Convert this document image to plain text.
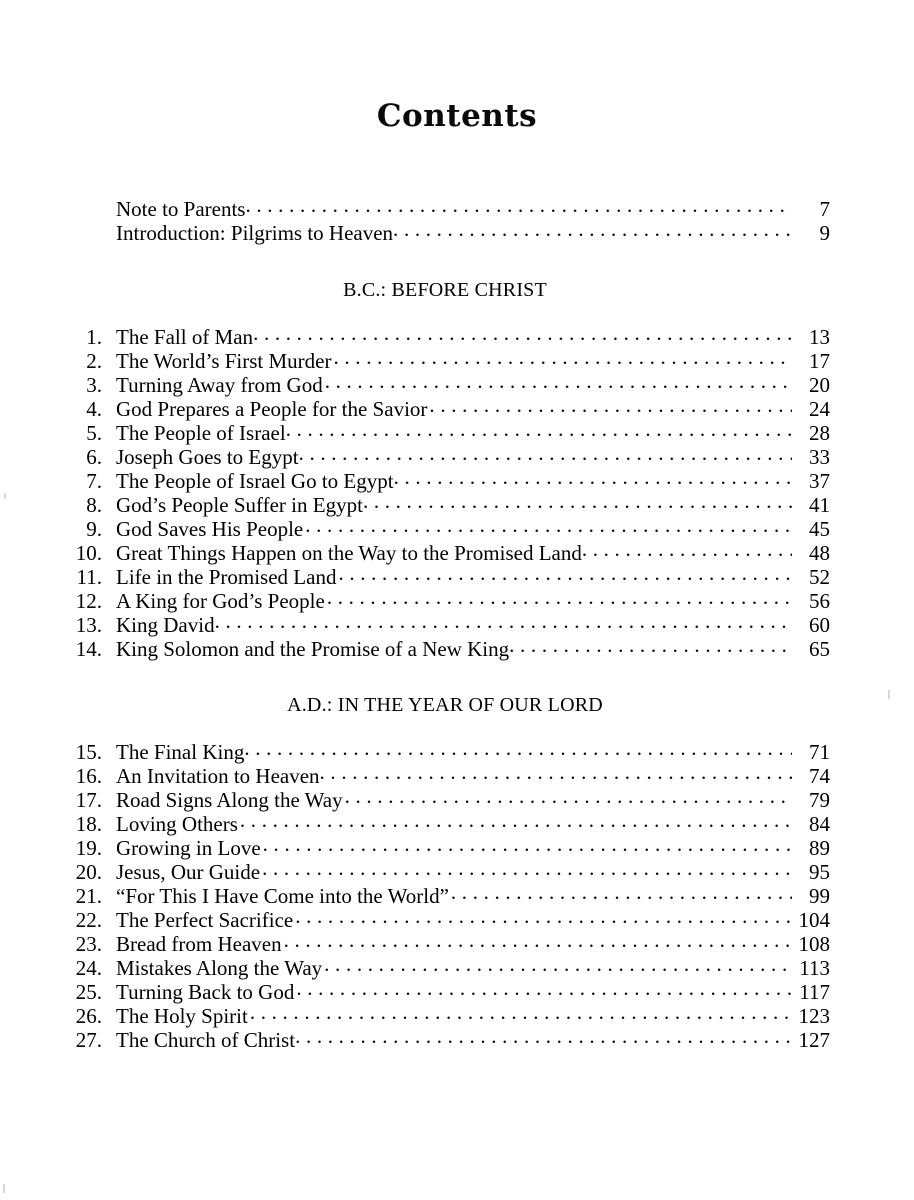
Contents
Note to Parents . . .	7
Introduction: Pilgrims to Heaven . . .	9
B.C.: BEFORE CHRIST
1. The Fall of Man . . .	13
2. The World’s First Murder . . .	17
3. Turning Away from God . . .	20
4. God Prepares a People for the Savior . . .	24
5. The People of Israel . . .	28
6. Joseph Goes to Egypt . . .	33
7. The People of Israel Go to Egypt . . .	37
8. God’s People Suffer in Egypt . . .	41
9. God Saves His People . . .	45
10. Great Things Happen on the Way to the Promised Land . . .	48
11. Life in the Promised Land . . .	52
12. A King for God’s People . . .	56
13. King David . . .	60
14. King Solomon and the Promise of a New King . . .	65
A.D.: IN THE YEAR OF OUR LORD
15. The Final King . . .	71
16. An Invitation to Heaven . . .	74
17. Road Signs Along the Way . . .	79
18. Loving Others . . .	84
19. Growing in Love . . .	89
20. Jesus, Our Guide . . .	95
21. “For This I Have Come into the World” . . .	99
22. The Perfect Sacrifice . . .	104
23. Bread from Heaven . . .	108
24. Mistakes Along the Way . . .	113
25. Turning Back to God . . .	117
26. The Holy Spirit . . .	123
27. The Church of Christ . . .	127
